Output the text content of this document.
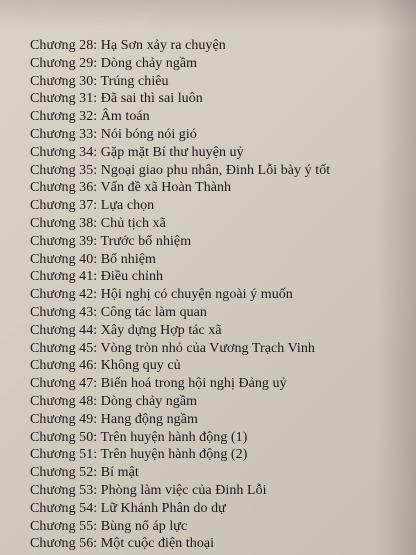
Chương 28: Hạ Sơn xảy ra chuyện
Chương 29: Dòng chảy ngầm
Chương 30: Trúng chiêu
Chương 31: Đã sai thì sai luôn
Chương 32: Âm toán
Chương 33: Nói bóng nói gió
Chương 34: Gặp mặt Bí thư huyện uỷ
Chương 35: Ngoại giao phu nhân, Đinh Lỗi bày ý tốt
Chương 36: Vấn đề xã Hoàn Thành
Chương 37: Lựa chọn
Chương 38: Chủ tịch xã
Chương 39: Trước bổ nhiệm
Chương 40: Bổ nhiệm
Chương 41: Điều chỉnh
Chương 42: Hội nghị có chuyện ngoài ý muốn
Chương 43: Công tác làm quan
Chương 44: Xây dựng Hợp tác xã
Chương 45: Vòng tròn nhỏ của Vương Trạch Vinh
Chương 46: Không quy củ
Chương 47: Biến hoá trong hội nghị Đảng uỷ
Chương 48: Dòng chảy ngầm
Chương 49: Hang động ngầm
Chương 50: Trên huyện hành động (1)
Chương 51: Trên huyện hành động (2)
Chương 52: Bí mật
Chương 53: Phòng làm việc của Đinh Lỗi
Chương 54: Lữ Khánh Phân do dự
Chương 55: Bùng nổ áp lực
Chương 56: Một cuộc điện thoại
